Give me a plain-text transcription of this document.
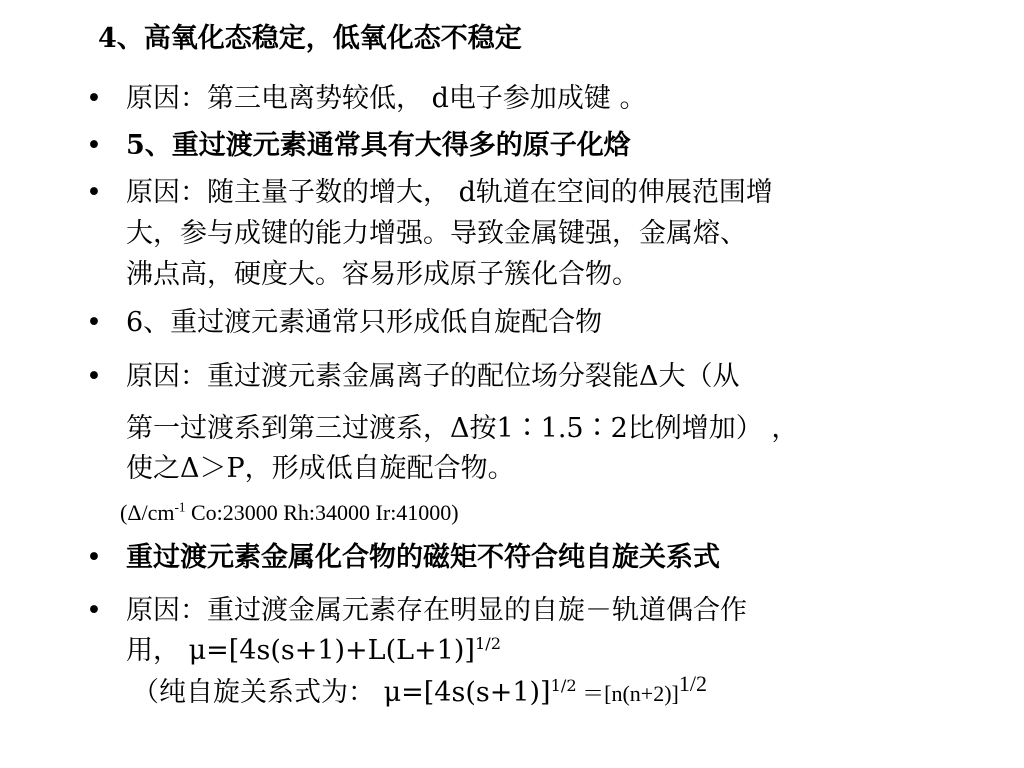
4、高氧化态稳定，低氧化态不稳定
• 原因：第三电离势较低， d电子参加成键 。
• 5、重过渡元素通常具有大得多的原子化焓
• 原因：随主量子数的增大， d轨道在空间的伸展范围增
大，参与成键的能力增强。导致金属键强，金属熔、
沸点高，硬度大。容易形成原子簇化合物。
• 6、重过渡元素通常只形成低自旋配合物
• 原因：重过渡元素金属离子的配位场分裂能Δ大（从
第一过渡系到第三过渡系，Δ按1∶1.5∶2比例增加） ，
使之Δ＞P，形成低自旋配合物。
($\Delta/cm^{-1}$ Co:23000 Rh:34000 Ir:41000)
• 重过渡元素金属化合物的磁矩不符合纯自旋关系式
• 原因：重过渡金属元素存在明显的自旋－轨道偶合作
用， $\mu=[4s(s+1)+L(L+1)]^{1/2}$
（纯自旋关系式为： $\mu=[4s(s+1)]^{1/2} =[n(n+2)]^{1/2}$
